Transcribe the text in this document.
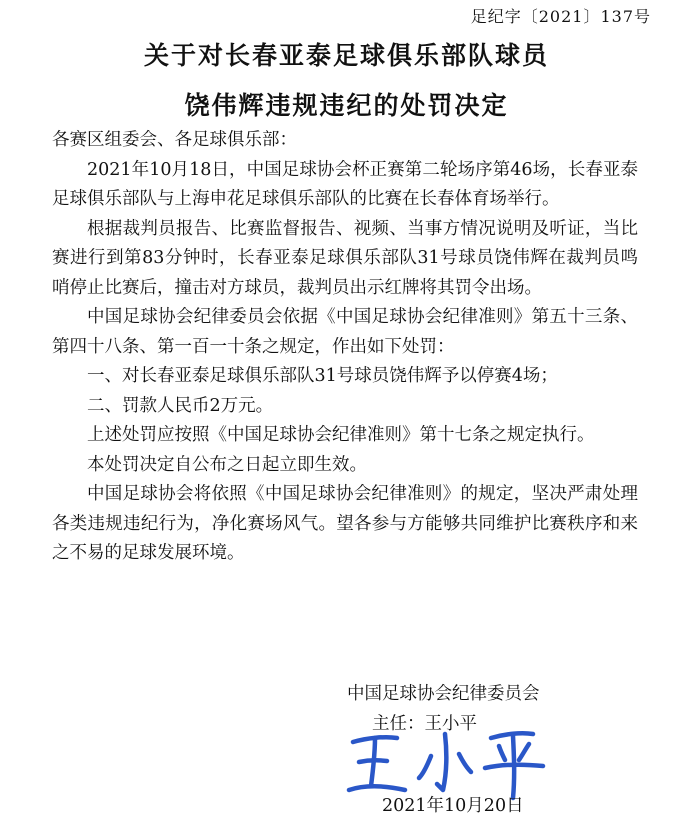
足纪字〔2021〕137号
关于对长春亚泰足球俱乐部队球员
饶伟辉违规违纪的处罚决定

各赛区组委会、各足球俱乐部：

2021年10月18日，中国足球协会杯正赛第二轮场序第46场，长春亚泰足球俱乐部队与上海申花足球俱乐部队的比赛在长春体育场举行。

根据裁判员报告、比赛监督报告、视频、当事方情况说明及听证，当比赛进行到第83分钟时，长春亚泰足球俱乐部队31号球员饶伟辉在裁判员鸣哨停止比赛后，撞击对方球员，裁判员出示红牌将其罚令出场。

中国足球协会纪律委员会依据《中国足球协会纪律准则》第五十三条、第四十八条、第一百一十条之规定，作出如下处罚：

一、对长春亚泰足球俱乐部队31号球员饶伟辉予以停赛4场；

二、罚款人民币2万元。

上述处罚应按照《中国足球协会纪律准则》第十七条之规定执行。

本处罚决定自公布之日起立即生效。

中国足球协会将依照《中国足球协会纪律准则》的规定，坚决严肃处理各类违规违纪行为，净化赛场风气。望各参与方能够共同维护比赛秩序和来之不易的足球发展环境。

中国足球协会纪律委员会
主任：王小平
2021年10月20日
